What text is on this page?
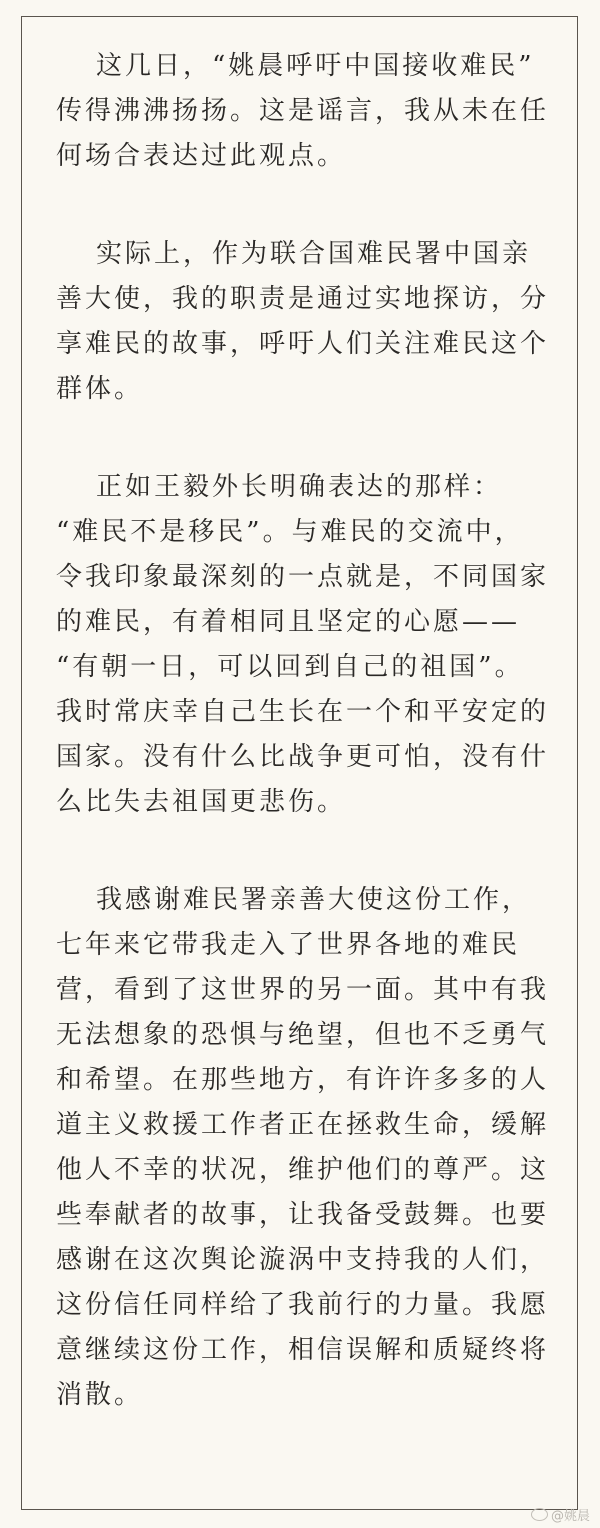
这几日，“姚晨呼吁中国接收难民”
传得沸沸扬扬。这是谣言，我从未在任
何场合表达过此观点。
实际上，作为联合国难民署中国亲
善大使，我的职责是通过实地探访，分
享难民的故事，呼吁人们关注难民这个
群体。
正如王毅外长明确表达的那样：
“难民不是移民”。与难民的交流中，
令我印象最深刻的一点就是，不同国家
的难民，有着相同且坚定的心愿——
“有朝一日，可以回到自己的祖国”。
我时常庆幸自己生长在一个和平安定的
国家。没有什么比战争更可怕，没有什
么比失去祖国更悲伤。
我感谢难民署亲善大使这份工作，
七年来它带我走入了世界各地的难民
营，看到了这世界的另一面。其中有我
无法想象的恐惧与绝望，但也不乏勇气
和希望。在那些地方，有许许多多的人
道主义救援工作者正在拯救生命，缓解
他人不幸的状况，维护他们的尊严。这
些奉献者的故事，让我备受鼓舞。也要
感谢在这次舆论漩涡中支持我的人们，
这份信任同样给了我前行的力量。我愿
意继续这份工作，相信误解和质疑终将
消散。
@姚晨
